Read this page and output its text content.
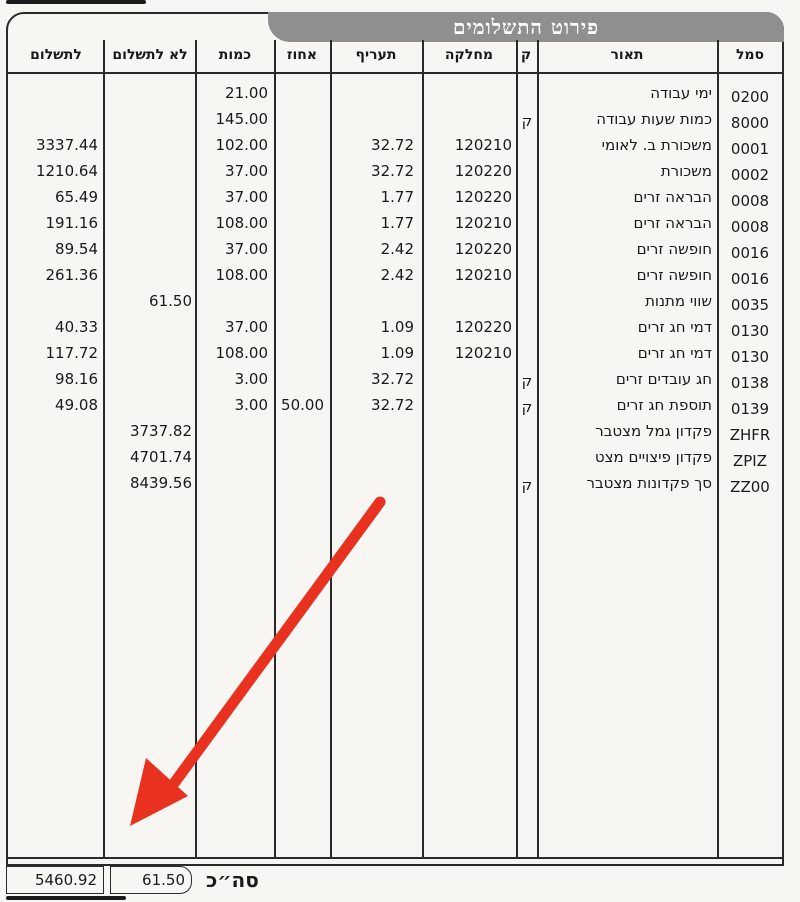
פירוט התשלומים
סמל
תאור
ק
מחלקה
תעריף
אחוז
כמות
לא לתשלום
לתשלום
0200
ימי עבודה
21.00
8000
כמות שעות עבודה
ק
145.00
0001
משכורת ב. לאומי
120210
32.72
102.00
3337.44
0002
משכורת
120220
32.72
37.00
1210.64
0008
הבראה זרים
120220
1.77
37.00
65.49
0008
הבראה זרים
120210
1.77
108.00
191.16
0016
חופשה זרים
120220
2.42
37.00
89.54
0016
חופשה זרים
120210
2.42
108.00
261.36
0035
שווי מתנות
61.50
0130
דמי חג זרים
120220
1.09
37.00
40.33
0130
דמי חג זרים
120210
1.09
108.00
117.72
0138
חג עובדים זרים
ק
32.72
3.00
98.16
0139
תוספת חג זרים
ק
32.72
50.00
3.00
49.08
ZHFR
פקדון גמל מצטבר
3737.82
ZPIZ
פקדון פיצויים מצט
4701.74
ZZ00
סך פקדונות מצטבר
ק
8439.56
5460.92	61.50	סה״כ
